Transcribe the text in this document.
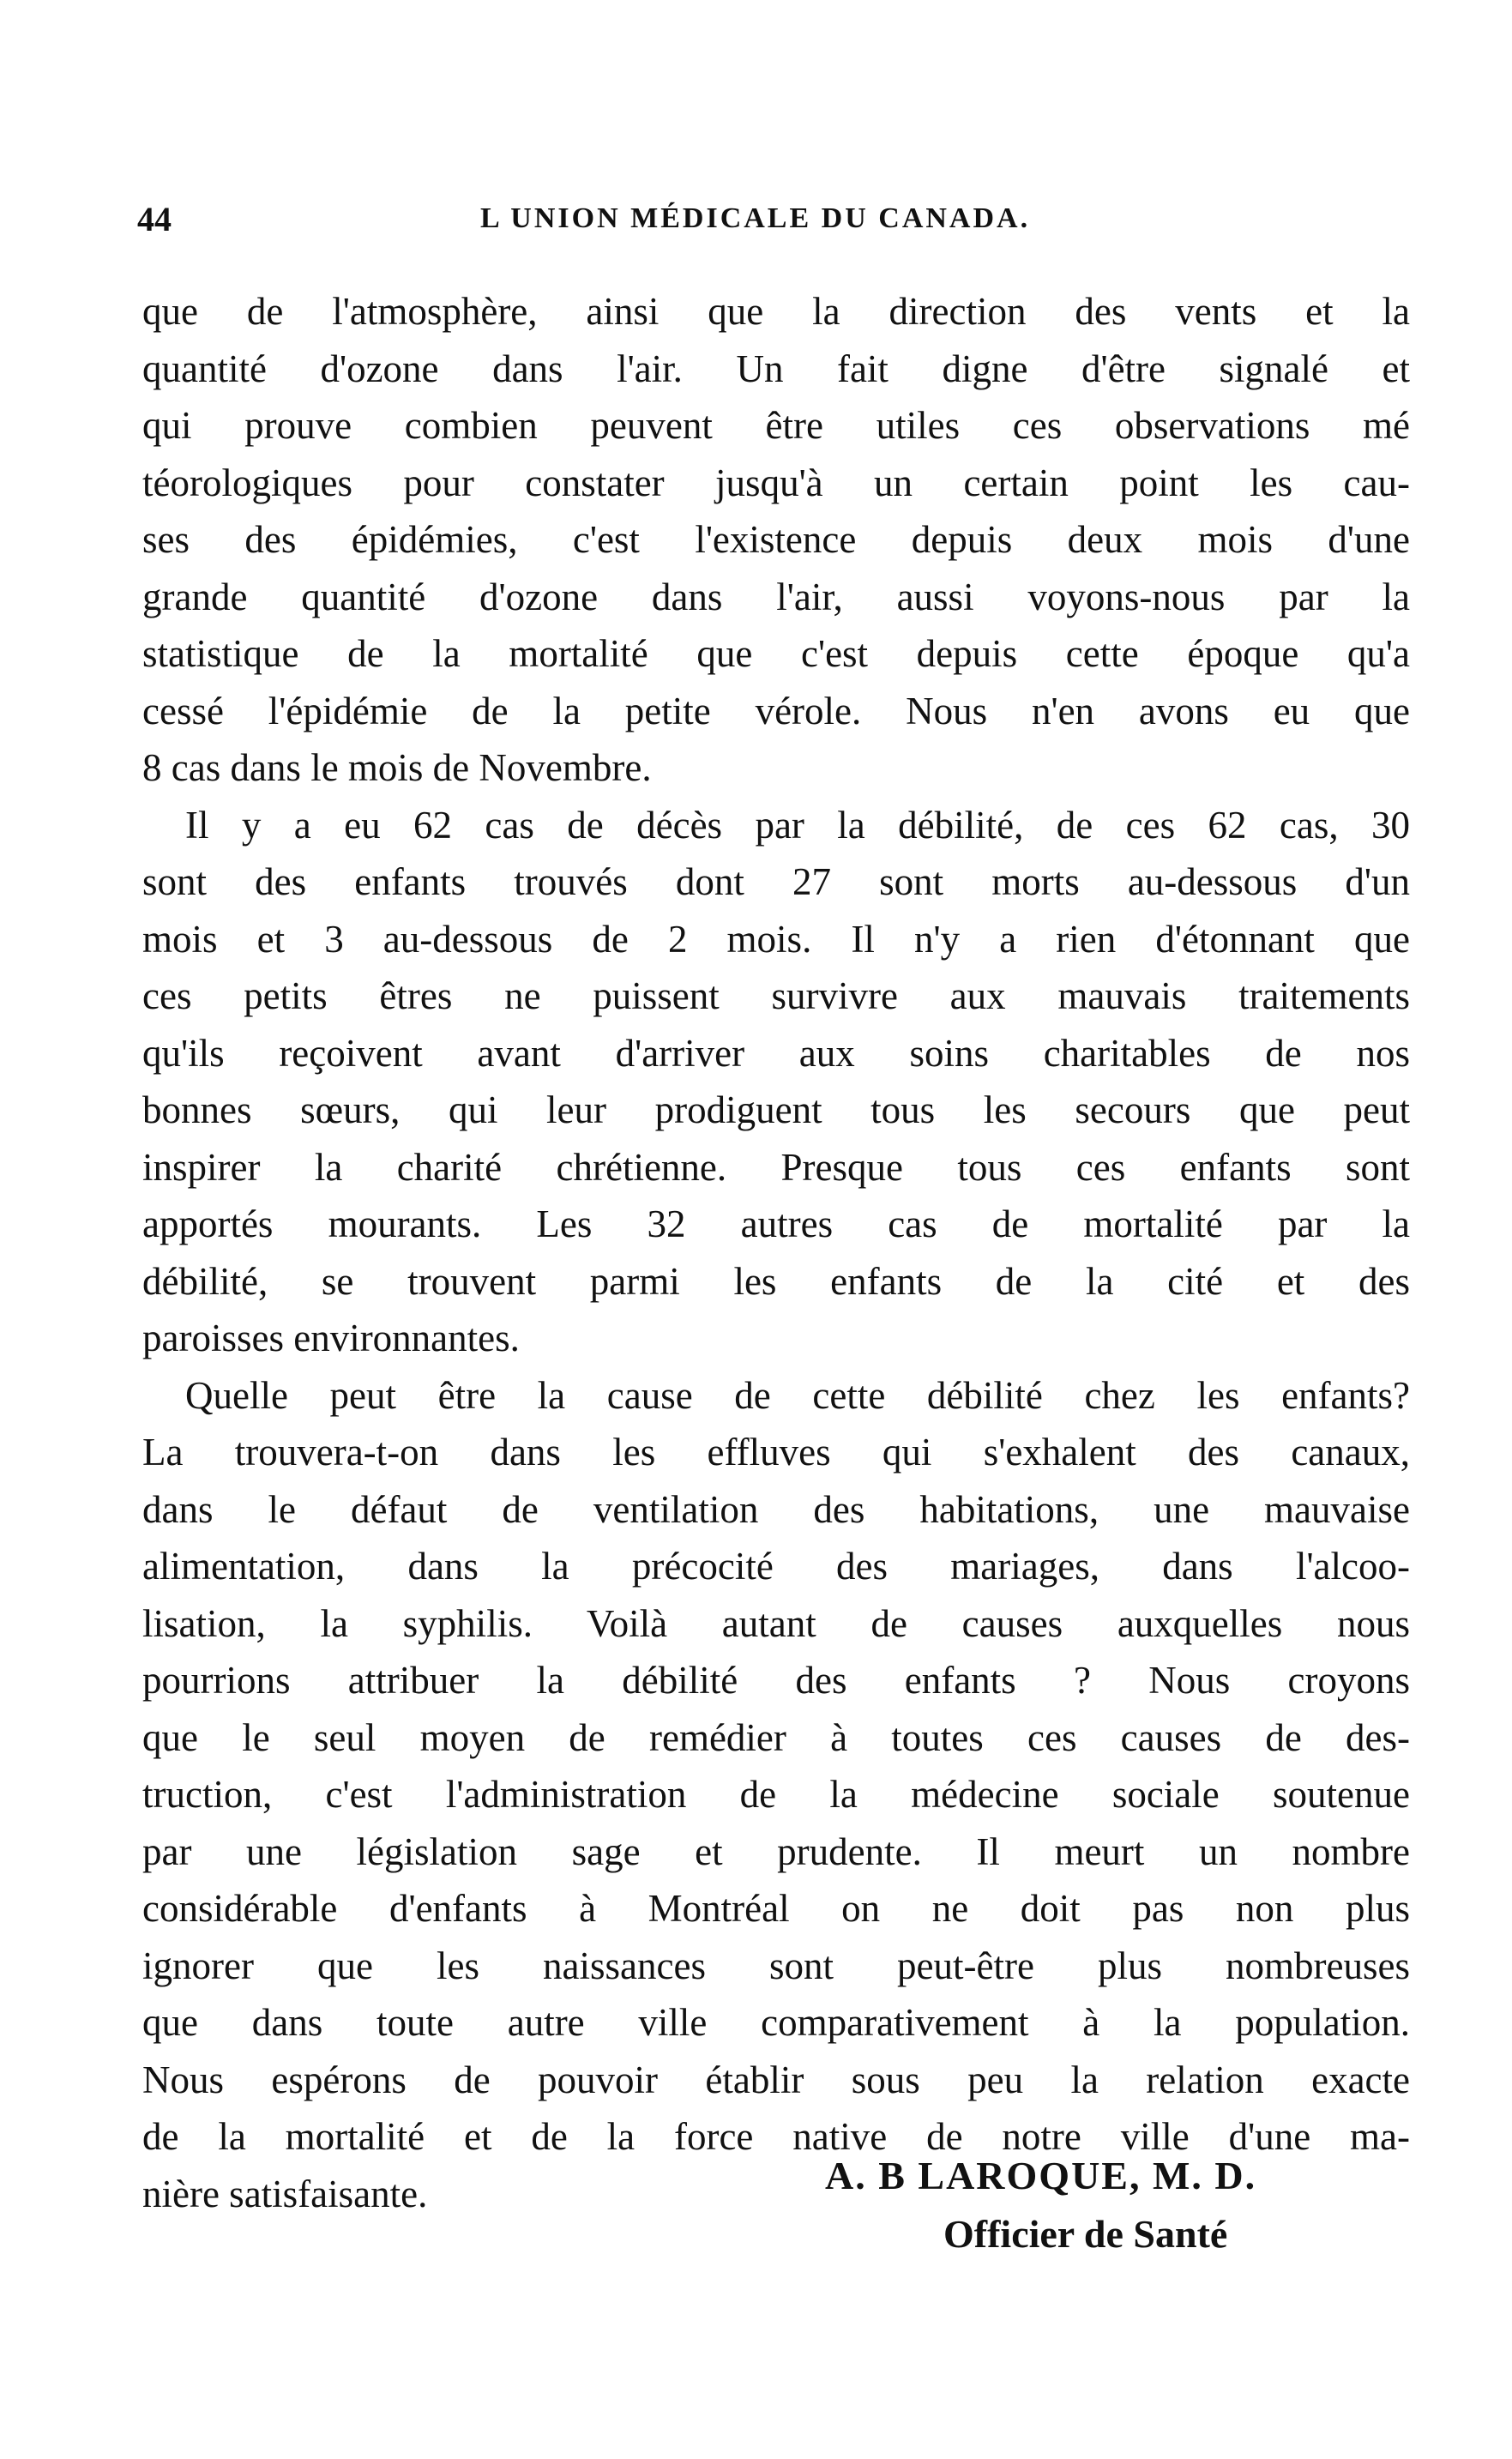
44	L UNION MÉDICALE DU CANADA.
que de l'atmosphère, ainsi que la direction des vents et la
quantité d'ozone dans l'air. Un fait digne d'être signalé et
qui prouve combien peuvent être utiles ces observations mé
téorologiques pour constater jusqu'à un certain point les cau-
ses des épidémies, c'est l'existence depuis deux mois d'une
grande quantité d'ozone dans l'air, aussi voyons-nous par la
statistique de la mortalité que c'est depuis cette époque qu'a
cessé l'épidémie de la petite vérole. Nous n'en avons eu que
8 cas dans le mois de Novembre.
Il y a eu 62 cas de décès par la débilité, de ces 62 cas, 30
sont des enfants trouvés dont 27 sont morts au-dessous d'un
mois et 3 au-dessous de 2 mois. Il n'y a rien d'étonnant que
ces petits êtres ne puissent survivre aux mauvais traitements
qu'ils reçoivent avant d'arriver aux soins charitables de nos
bonnes sœurs, qui leur prodiguent tous les secours que peut
inspirer la charité chrétienne. Presque tous ces enfants sont
apportés mourants. Les 32 autres cas de mortalité par la
débilité, se trouvent parmi les enfants de la cité et des
paroisses environnantes.
Quelle peut être la cause de cette débilité chez les enfants?
La trouvera-t-on dans les effluves qui s'exhalent des canaux,
dans le défaut de ventilation des habitations, une mauvaise
alimentation, dans la précocité des mariages, dans l'alcoo-
lisation, la syphilis. Voilà autant de causes auxquelles nous
pourrions attribuer la débilité des enfants ? Nous croyons
que le seul moyen de remédier à toutes ces causes de des-
truction, c'est l'administration de la médecine sociale soutenue
par une législation sage et prudente. Il meurt un nombre
considérable d'enfants à Montréal on ne doit pas non plus
ignorer que les naissances sont peut-être plus nombreuses
que dans toute autre ville comparativement à la population.
Nous espérons de pouvoir établir sous peu la relation exacte
de la mortalité et de la force native de notre ville d'une ma-
nière satisfaisante.	A. B LAROQUE, M. D.
Officier de Santé
